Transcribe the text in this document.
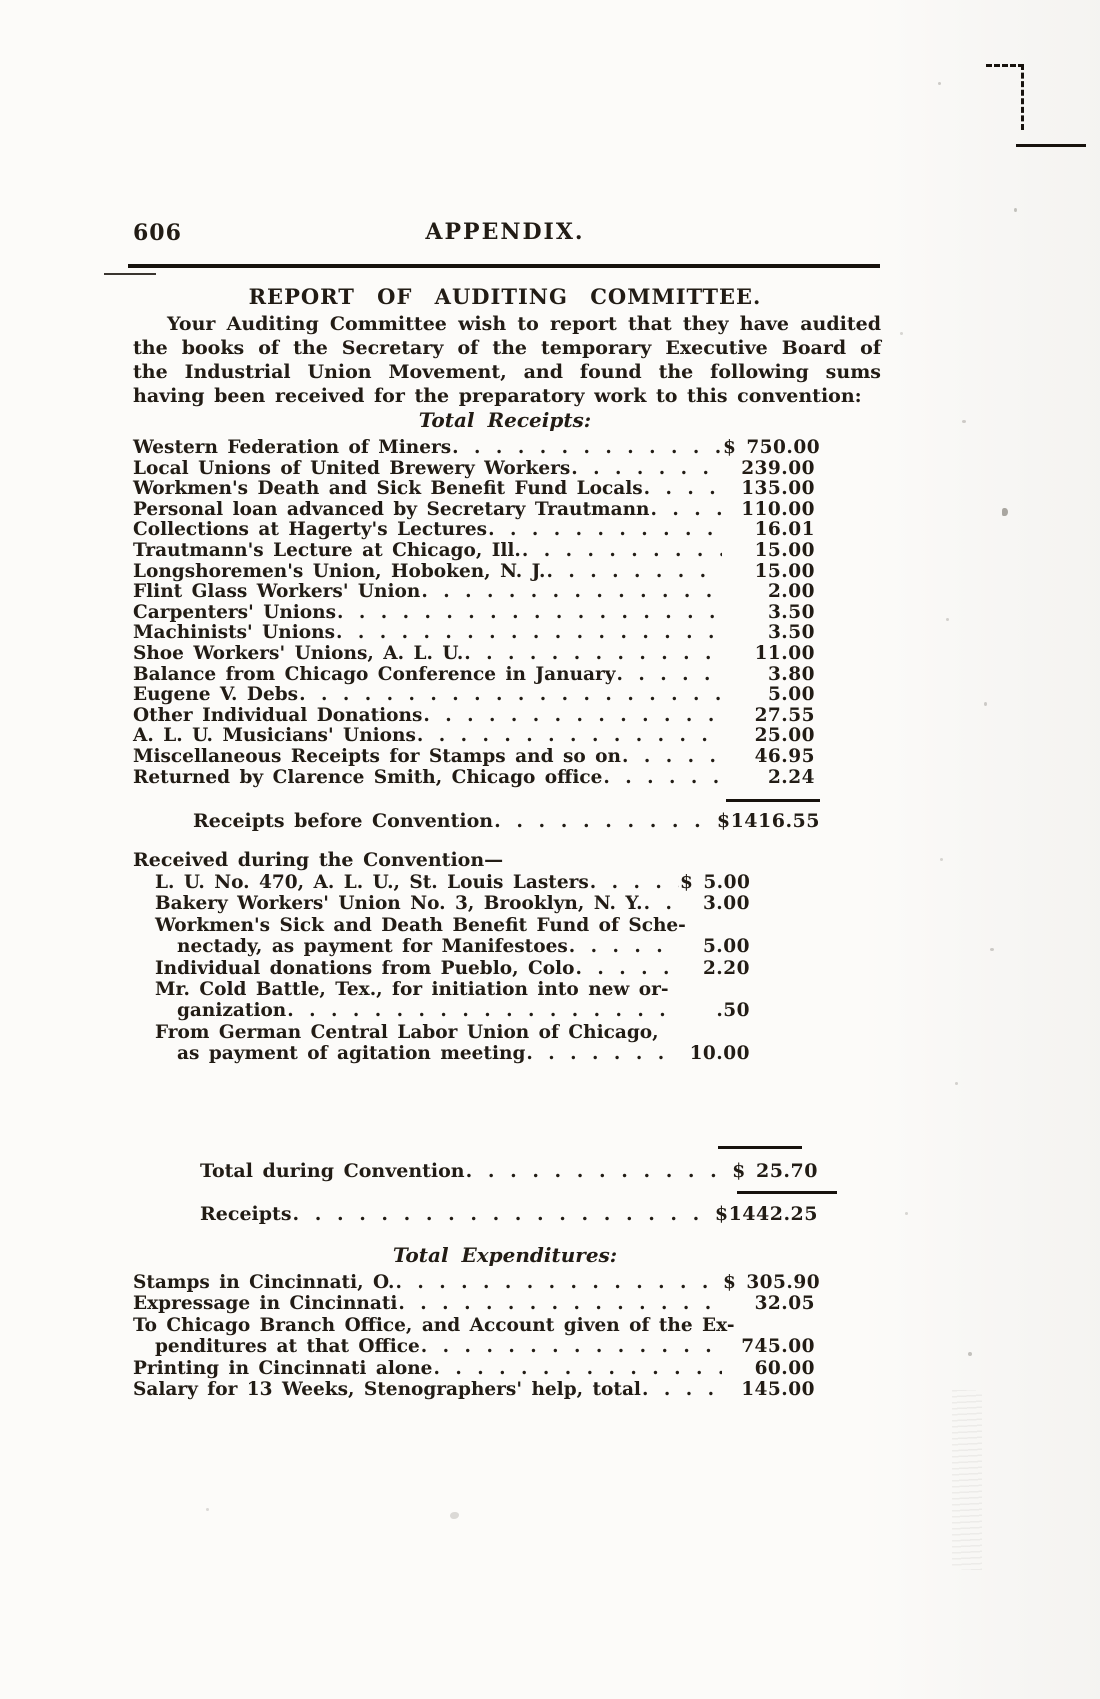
606	APPENDIX.
REPORT OF AUDITING COMMITTEE.
Your Auditing Committee wish to report that they have audited the books of the Secretary of the temporary Executive Board of the Industrial Union Movement, and found the following sums having been received for the preparatory work to this convention:
Total Receipts:
Western Federation of Miners . . .	$ 750.00
Local Unions of United Brewery Workers . . .	239.00
Workmen's Death and Sick Benefit Fund Locals . . .	135.00
Personal loan advanced by Secretary Trautmann . . .	110.00
Collections at Hagerty's Lectures . . .	16.01
Trautmann's Lecture at Chicago, Ill. . . .	15.00
Longshoremen's Union, Hoboken, N. J. . . .	15.00
Flint Glass Workers' Union . . .	2.00
Carpenters' Unions . . .	3.50
Machinists' Unions . . .	3.50
Shoe Workers' Unions, A. L. U. . . .	11.00
Balance from Chicago Conference in January . . .	3.80
Eugene V. Debs . . .	5.00
Other Individual Donations . . .	27.55
A. L. U. Musicians' Unions . . .	25.00
Miscellaneous Receipts for Stamps and so on . . .	46.95
Returned by Clarence Smith, Chicago office . . .	2.24
Receipts before Convention . . .	$1416.55
Received during the Convention—
L. U. No. 470, A. L. U., St. Louis Lasters . . .	$ 5.00
Bakery Workers' Union No. 3, Brooklyn, N. Y. . . .	3.00
Workmen's Sick and Death Benefit Fund of Sche-
nectady, as payment for Manifestoes . . .	5.00
Individual donations from Pueblo, Colo . . .	2.20
Mr. Cold Battle, Tex., for initiation into new or-
ganization . . .	.50
From German Central Labor Union of Chicago,
as payment of agitation meeting . . .	10.00
Total during Convention . . .	$ 25.70
Receipts . . .	$1442.25
Total Expenditures:
Stamps in Cincinnati, O. . . .	$ 305.90
Expressage in Cincinnati . . .	32.05
To Chicago Branch Office, and Account given of the Ex-
penditures at that Office . . .	745.00
Printing in Cincinnati alone . . .	60.00
Salary for 13 Weeks, Stenographers' help, total . . .	145.00
